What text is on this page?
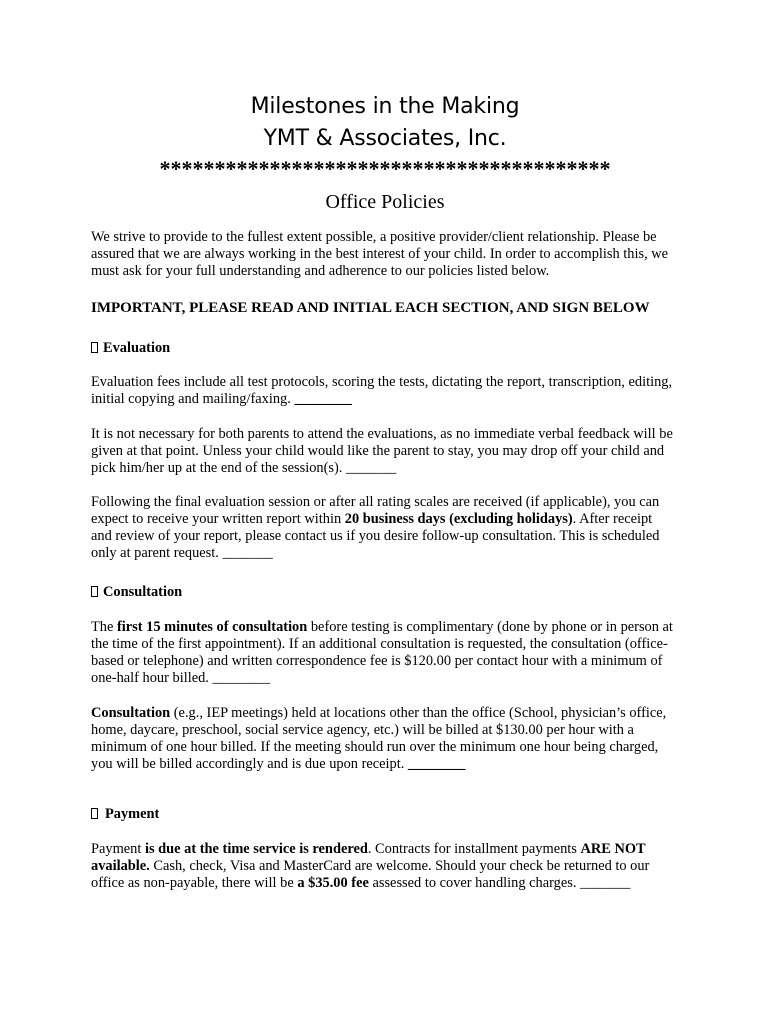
Milestones in the Making
YMT & Associates, Inc.
*****************************************
Office Policies
We strive to provide to the fullest extent possible, a positive provider/client relationship. Please be
assured that we are always working in the best interest of your child. In order to accomplish this, we
must ask for your full understanding and adherence to our policies listed below.
IMPORTANT, PLEASE READ AND INITIAL EACH SECTION, AND SIGN BELOW
Evaluation
Evaluation fees include all test protocols, scoring the tests, dictating the report, transcription, editing,
initial copying and mailing/faxing. ________
It is not necessary for both parents to attend the evaluations, as no immediate verbal feedback will be
given at that point. Unless your child would like the parent to stay, you may drop off your child and
pick him/her up at the end of the session(s). _______
Following the final evaluation session or after all rating scales are received (if applicable), you can
expect to receive your written report within 20 business days (excluding holidays). After receipt
and review of your report, please contact us if you desire follow-up consultation. This is scheduled
only at parent request. _______
Consultation
The first 15 minutes of consultation before testing is complimentary (done by phone or in person at
the time of the first appointment). If an additional consultation is requested, the consultation (office-
based or telephone) and written correspondence fee is $120.00 per contact hour with a minimum of
one-half hour billed. ________
Consultation (e.g., IEP meetings) held at locations other than the office (School, physician’s office,
home, daycare, preschool, social service agency, etc.) will be billed at $130.00 per hour with a
minimum of one hour billed. If the meeting should run over the minimum one hour being charged,
you will be billed accordingly and is due upon receipt. ________
Payment
Payment is due at the time service is rendered. Contracts for installment payments ARE NOT
available. Cash, check, Visa and MasterCard are welcome. Should your check be returned to our
office as non-payable, there will be a $35.00 fee assessed to cover handling charges. _______
